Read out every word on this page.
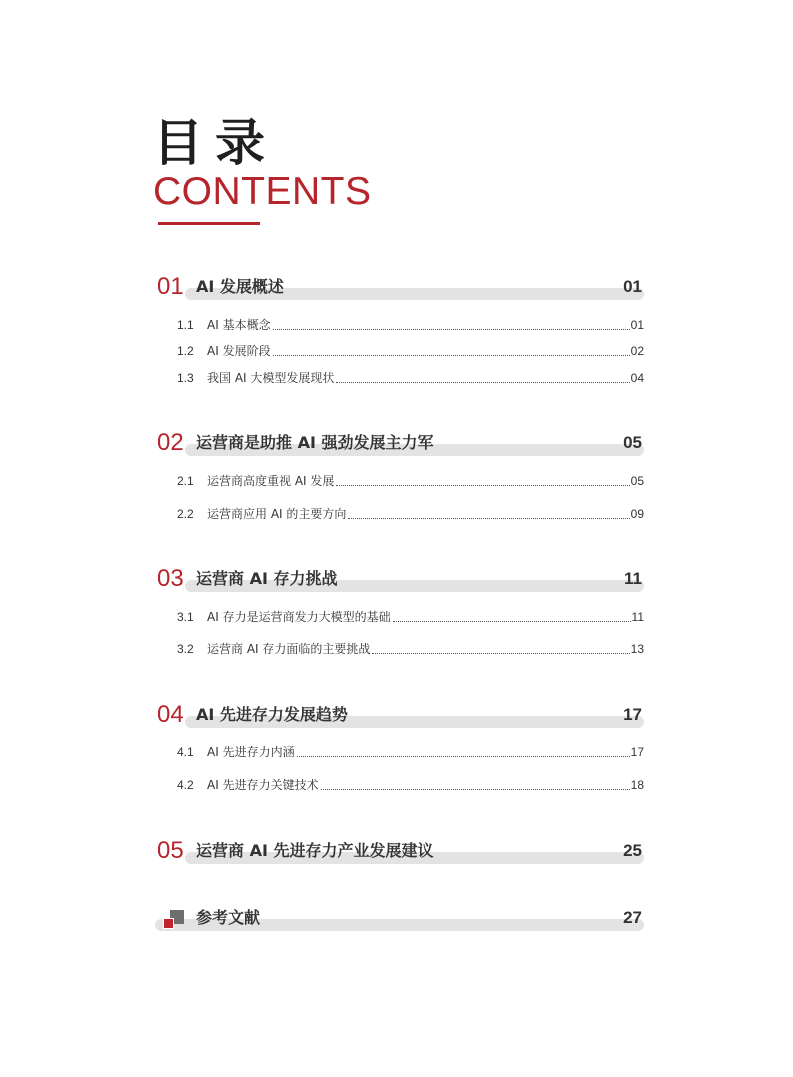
目录
CONTENTS
01 AI 发展概述	01
1.1	AI 基本概念	01
1.2	AI 发展阶段	02
1.3	我国 AI 大模型发展现状	04
02 运营商是助推 AI 强劲发展主力军	05
2.1	运营商高度重视 AI 发展	05
2.2	运营商应用 AI 的主要方向	09
03 运营商 AI 存力挑战	11
3.1	AI 存力是运营商发力大模型的基础	11
3.2	运营商 AI 存力面临的主要挑战	13
04 AI 先进存力发展趋势	17
4.1	AI 先进存力内涵	17
4.2	AI 先进存力关键技术	18
05 运营商 AI 先进存力产业发展建议	25
参考文献	27
